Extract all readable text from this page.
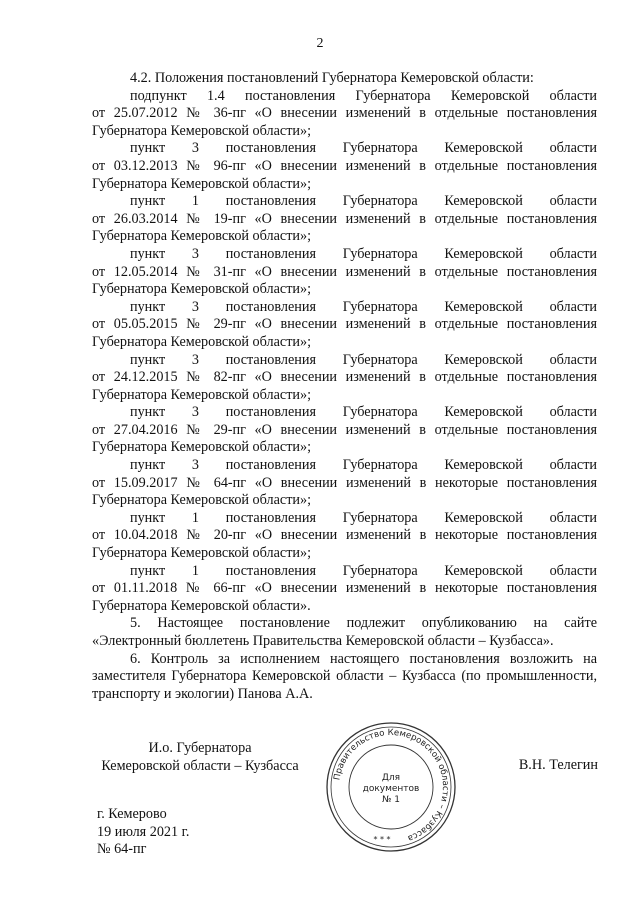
2
4.2. Положения постановлений Губернатора Кемеровской области:
подпункт 1.4 постановления Губернатора Кемеровской области
от 25.07.2012 № 36-пг «О внесении изменений в отдельные постановления
Губернатора Кемеровской области»;
пункт 3 постановления Губернатора Кемеровской области
от 03.12.2013 № 96-пг «О внесении изменений в отдельные постановления
Губернатора Кемеровской области»;
пункт 1 постановления Губернатора Кемеровской области
от 26.03.2014 № 19-пг «О внесении изменений в отдельные постановления
Губернатора Кемеровской области»;
пункт 3 постановления Губернатора Кемеровской области
от 12.05.2014 № 31-пг «О внесении изменений в отдельные постановления
Губернатора Кемеровской области»;
пункт 3 постановления Губернатора Кемеровской области
от 05.05.2015 № 29-пг «О внесении изменений в отдельные постановления
Губернатора Кемеровской области»;
пункт 3 постановления Губернатора Кемеровской области
от 24.12.2015 № 82-пг «О внесении изменений в отдельные постановления
Губернатора Кемеровской области»;
пункт 3 постановления Губернатора Кемеровской области
от 27.04.2016 № 29-пг «О внесении изменений в отдельные постановления
Губернатора Кемеровской области»;
пункт 3 постановления Губернатора Кемеровской области
от 15.09.2017 № 64-пг «О внесении изменений в некоторые постановления
Губернатора Кемеровской области»;
пункт 1 постановления Губернатора Кемеровской области
от 10.04.2018 № 20-пг «О внесении изменений в некоторые постановления
Губернатора Кемеровской области»;
пункт 1 постановления Губернатора Кемеровской области
от 01.11.2018 № 66-пг «О внесении изменений в некоторые постановления
Губернатора Кемеровской области».
5. Настоящее постановление подлежит опубликованию на сайте «Электронный бюллетень Правительства Кемеровской области – Кузбасса».
6. Контроль за исполнением настоящего постановления возложить на заместителя Губернатора Кемеровской области – Кузбасса (по промышленности, транспорту и экологии) Панова А.А.
И.о. Губернатора
Кемеровской области – Кузбасса	В.Н. Телегин
Правительство Кемеровской области – Кузбасса
Для
документов
№ 1
* * *
г. Кемерово
19 июля 2021 г.
№ 64-пг
